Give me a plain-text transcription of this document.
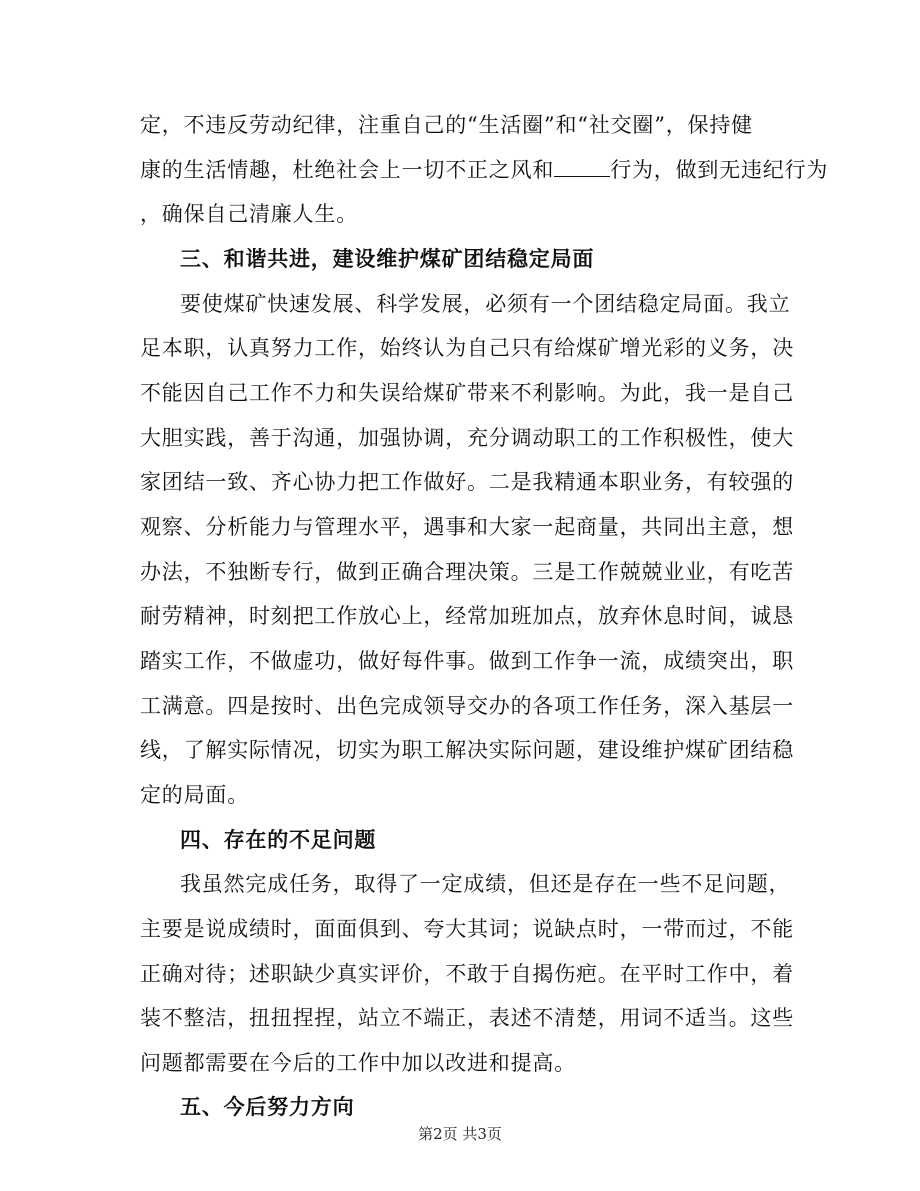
定，不违反劳动纪律，注重自己的“生活圈”和“社交圈”，保持健
康的生活情趣，杜绝社会上一切不正之风和	行为，做到无违纪行为
，确保自己清廉人生。
三、和谐共进，建设维护煤矿团结稳定局面
要使煤矿快速发展、科学发展，必须有一个团结稳定局面。我立
足本职，认真努力工作，始终认为自己只有给煤矿增光彩的义务，决
不能因自己工作不力和失误给煤矿带来不利影响。为此，我一是自己
大胆实践，善于沟通，加强协调，充分调动职工的工作积极性，使大
家团结一致、齐心协力把工作做好。二是我精通本职业务，有较强的
观察、分析能力与管理水平，遇事和大家一起商量，共同出主意，想
办法，不独断专行，做到正确合理决策。三是工作兢兢业业，有吃苦
耐劳精神，时刻把工作放心上，经常加班加点，放弃休息时间，诚恳
踏实工作，不做虚功，做好每件事。做到工作争一流，成绩突出，职
工满意。四是按时、出色完成领导交办的各项工作任务，深入基层一
线，了解实际情况，切实为职工解决实际问题，建设维护煤矿团结稳
定的局面。
四、存在的不足问题
我虽然完成任务，取得了一定成绩，但还是存在一些不足问题，
主要是说成绩时，面面俱到、夸大其词；说缺点时，一带而过，不能
正确对待；述职缺少真实评价，不敢于自揭伤疤。在平时工作中，着
装不整洁，扭扭捏捏，站立不端正，表述不清楚，用词不适当。这些
问题都需要在今后的工作中加以改进和提高。
五、今后努力方向
第2页 共3页
